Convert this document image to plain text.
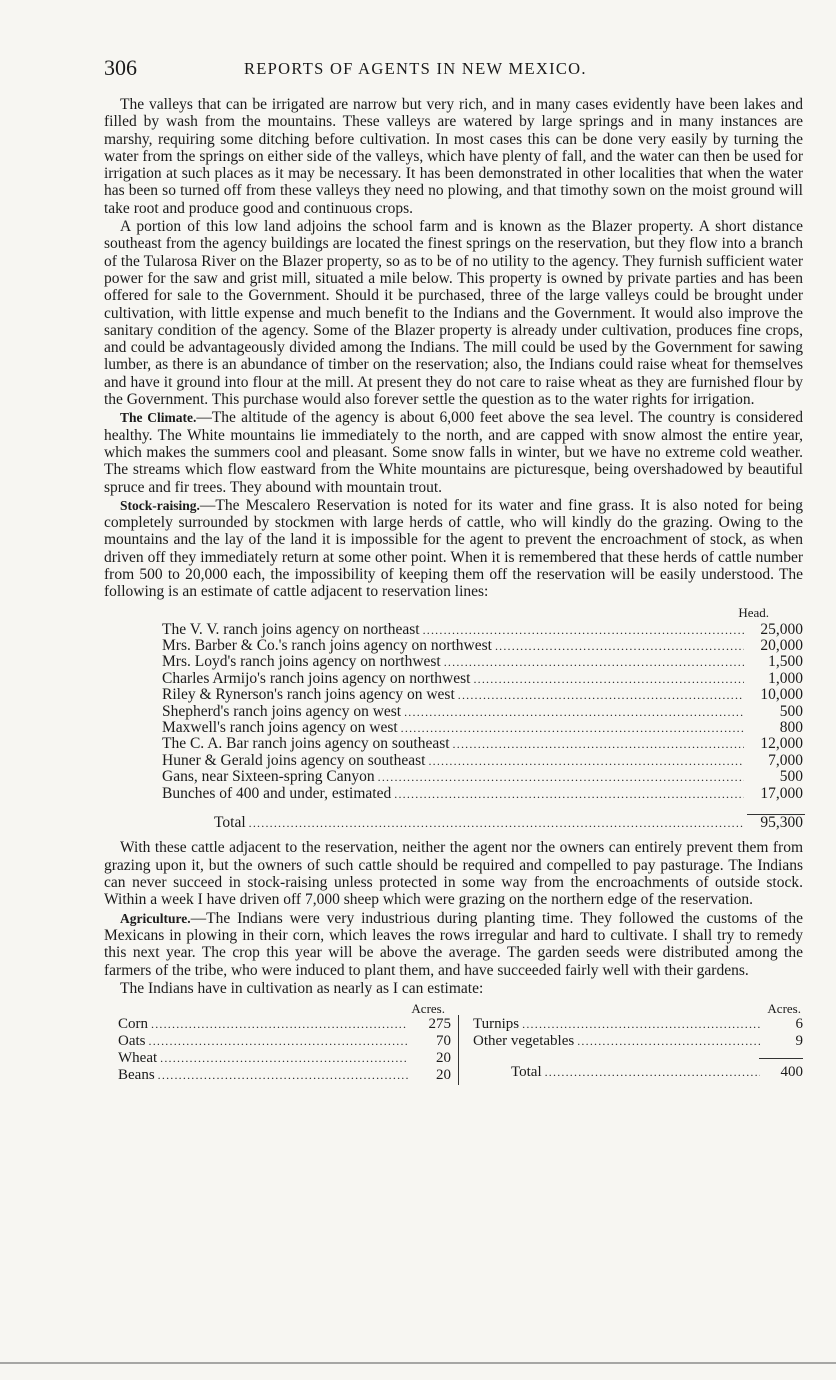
306	REPORTS OF AGENTS IN NEW MEXICO.

The valleys that can be irrigated are narrow but very rich, and in many cases evidently have been lakes and filled by wash from the mountains. These valleys are watered by large springs and in many instances are marshy, requiring some ditching before cultivation. In most cases this can be done very easily by turning the water from the springs on either side of the valleys, which have plenty of fall, and the water can then be used for irrigation at such places as it may be necessary. It has been demonstrated in other localities that when the water has been so turned off from these valleys they need no plowing, and that timothy sown on the moist ground will take root and produce good and continuous crops.

A portion of this low land adjoins the school farm and is known as the Blazer property. A short distance southeast from the agency buildings are located the finest springs on the reservation, but they flow into a branch of the Tularosa River on the Blazer property, so as to be of no utility to the agency. They furnish sufficient water power for the saw and grist mill, situated a mile below. This property is owned by private parties and has been offered for sale to the Government. Should it be purchased, three of the large valleys could be brought under cultivation, with little expense and much benefit to the Indians and the Government. It would also improve the sanitary condition of the agency. Some of the Blazer property is already under cultivation, produces fine crops, and could be advantageously divided among the Indians. The mill could be used by the Government for sawing lumber, as there is an abundance of timber on the reservation; also, the Indians could raise wheat for themselves and have it ground into flour at the mill. At present they do not care to raise wheat as they are furnished flour by the Government. This purchase would also forever settle the question as to the water rights for irrigation.

The Climate.—The altitude of the agency is about 6,000 feet above the sea level. The country is considered healthy. The White mountains lie immediately to the north, and are capped with snow almost the entire year, which makes the summers cool and pleasant. Some snow falls in winter, but we have no extreme cold weather. The streams which flow eastward from the White mountains are picturesque, being overshadowed by beautiful spruce and fir trees. They abound with mountain trout.

Stock-raising.—The Mescalero Reservation is noted for its water and fine grass. It is also noted for being completely surrounded by stockmen with large herds of cattle, who will kindly do the grazing. Owing to the mountains and the lay of the land it is impossible for the agent to prevent the encroachment of stock, as when driven off they immediately return at some other point. When it is remembered that these herds of cattle number from 500 to 20,000 each, the impossibility of keeping them off the reservation will be easily understood. The following is an estimate of cattle adjacent to reservation lines:

Head.
The V. V. ranch joins agency on northeast .....	25,000
Mrs. Barber & Co.'s ranch joins agency on northwest .....	20,000
Mrs. Loyd's ranch joins agency on northwest .....	1,500
Charles Armijo's ranch joins agency on northwest .....	1,000
Riley & Rynerson's ranch joins agency on west .....	10,000
Shepherd's ranch joins agency on west .....	500
Maxwell's ranch joins agency on west .....	800
The C. A. Bar ranch joins agency on southeast .....	12,000
Huner & Gerald joins agency on southeast .....	7,000
Gans, near Sixteen-spring Canyon .....	500
Bunches of 400 and under, estimated .....	17,000
Total .....	95,300

With these cattle adjacent to the reservation, neither the agent nor the owners can entirely prevent them from grazing upon it, but the owners of such cattle should be required and compelled to pay pasturage. The Indians can never succeed in stock-raising unless protected in some way from the encroachments of outside stock. Within a week I have driven off 7,000 sheep which were grazing on the northern edge of the reservation.

Agriculture.—The Indians were very industrious during planting time. They followed the customs of the Mexicans in plowing in their corn, which leaves the rows irregular and hard to cultivate. I shall try to remedy this next year. The crop this year will be above the average. The garden seeds were distributed among the farmers of the tribe, who were induced to plant them, and have succeeded fairly well with their gardens.

The Indians have in cultivation as nearly as I can estimate:

Acres.
Corn .....	275
Oats .....	70
Wheat .....	20
Beans .....	20
Acres.
Turnips .....	6
Other vegetables .....	9
Total .....	400
